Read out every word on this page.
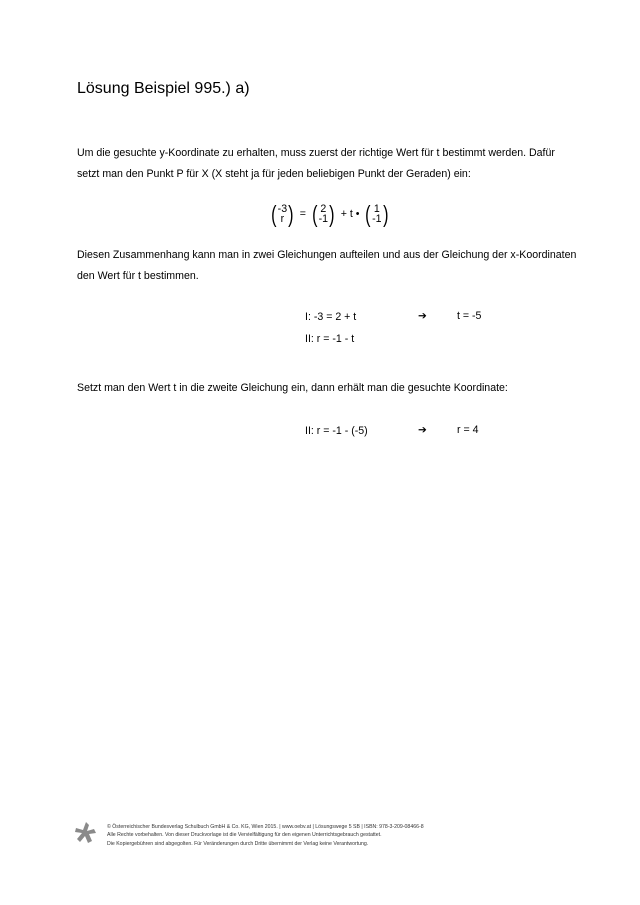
Lösung Beispiel 995.) a)

Um die gesuchte y-Koordinate zu erhalten, muss zuerst der richtige Wert für t bestimmt werden. Dafür setzt man den Punkt P für X (X steht ja für jeden beliebigen Punkt der Geraden) ein:

( -3
r ) = ( 2
-1 ) + t • ( 1
-1 )

Diesen Zusammenhang kann man in zwei Gleichungen aufteilen und aus der Gleichung der x-Koordinaten den Wert für t bestimmen.

I: -3 = 2 + t	➔	t = -5
II: r = -1 - t

Setzt man den Wert t in die zweite Gleichung ein, dann erhält man die gesuchte Koordinate:

II: r = -1 - (-5)	➔	r = 4
© Österreichischer Bundesverlag Schulbuch GmbH & Co. KG, Wien 2015. | www.oebv.at | Lösungswege 5 SB | ISBN: 978-3-209-08466-8
Alle Rechte vorbehalten. Von dieser Druckvorlage ist die Vervielfältigung für den eigenen Unterrichtsgebrauch gestattet.
Die Kopiergebühren sind abgegolten. Für Veränderungen durch Dritte übernimmt der Verlag keine Verantwortung.
